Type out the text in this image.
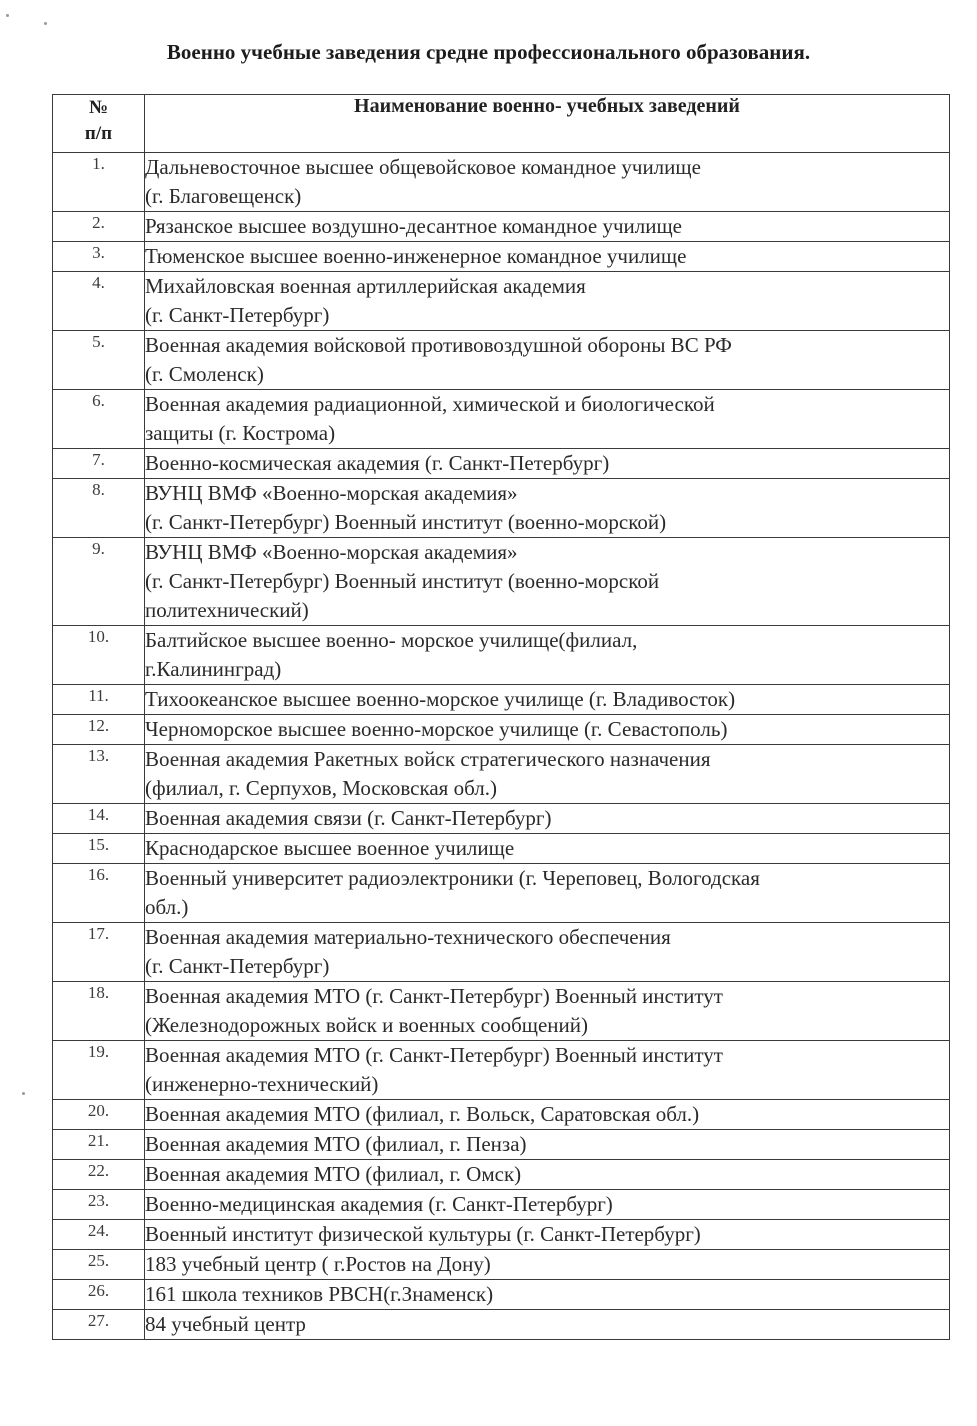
Военно учебные заведения средне профессионального образования.
№
п/п	Наименование военно- учебных заведений
1.	Дальневосточное высшее общевойсковое командное училище
(г. Благовещенск)
2.	Рязанское высшее воздушно-десантное командное училище
3.	Тюменское высшее военно-инженерное командное училище
4.	Михайловская военная артиллерийская академия
(г. Санкт-Петербург)
5.	Военная академия войсковой противовоздушной обороны ВС РФ
(г. Смоленск)
6.	Военная академия радиационной, химической и биологической
защиты (г. Кострома)
7.	Военно-космическая академия (г. Санкт-Петербург)
8.	ВУНЦ ВМФ «Военно-морская академия»
(г. Санкт-Петербург) Военный институт (военно-морской)
9.	ВУНЦ ВМФ «Военно-морская академия»
(г. Санкт-Петербург) Военный институт (военно-морской
политехнический)
10.	Балтийское высшее военно- морское училище(филиал,
г.Калининград)
11.	Тихоокеанское высшее военно-морское училище (г. Владивосток)
12.	Черноморское высшее военно-морское училище (г. Севастополь)
13.	Военная академия Ракетных войск стратегического назначения
(филиал, г. Серпухов, Московская обл.)
14.	Военная академия связи (г. Санкт-Петербург)
15.	Краснодарское высшее военное училище
16.	Военный университет радиоэлектроники (г. Череповец, Вологодская
обл.)
17.	Военная академия материально-технического обеспечения
(г. Санкт-Петербург)
18.	Военная академия МТО (г. Санкт-Петербург) Военный институт
(Железнодорожных войск и военных сообщений)
19.	Военная академия МТО (г. Санкт-Петербург) Военный институт
(инженерно-технический)
20.	Военная академия МТО (филиал, г. Вольск, Саратовская обл.)
21.	Военная академия МТО (филиал, г. Пенза)
22.	Военная академия МТО (филиал, г. Омск)
23.	Военно-медицинская академия (г. Санкт-Петербург)
24.	Военный институт физической культуры (г. Санкт-Петербург)
25.	183 учебный центр ( г.Ростов на Дону)
26.	161 школа техников РВСН(г.Знаменск)
27.	84 учебный центр
